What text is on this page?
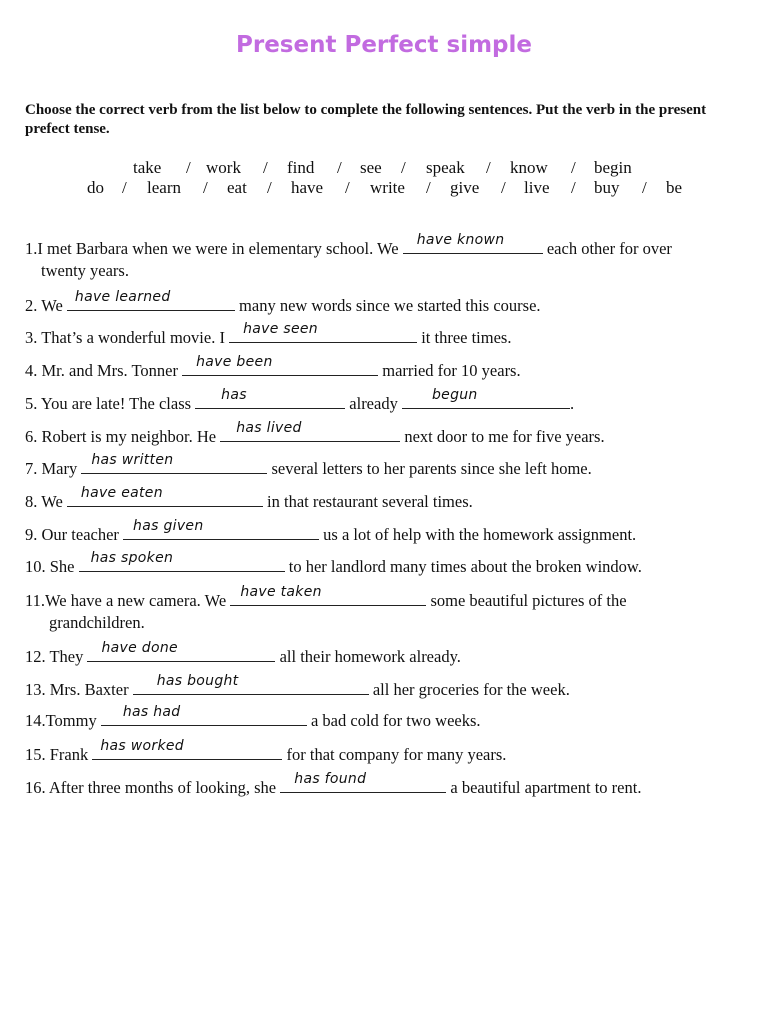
Present Perfect simple

Choose the correct verb from the list below to complete the following sentences. Put the verb in the present prefect tense.

take / work / find / see / speak / know / begin
do / learn / eat / have / write / give / live / buy / be
1.I met Barbara when we were in elementary school. We have known each other for over
twenty years.
2. We have learned	many new words since we started this course.
3. That’s a wonderful movie. I have seen	it three times.
4. Mr. and Mrs. Tonner have been	married for 10 years.
5. You are late! The class has	already begun	.
6. Robert is my neighbor. He has lived	next door to me for five years.
7. Mary has written	several letters to her parents since she left home.
8. We have eaten	in that restaurant several times.
9. Our teacher has given	us a lot of help with the homework assignment.
10. She has spoken	to her landlord many times about the broken window.
11.We have a new camera. We have taken	some beautiful pictures of the
grandchildren.
12. They have done	all their homework already.
13. Mrs. Baxter has bought	all her groceries for the week.
14.Tommy has had	a bad cold for two weeks.
15. Frank has worked	for that company for many years.
16. After three months of looking, she has found	a beautiful apartment to rent.
